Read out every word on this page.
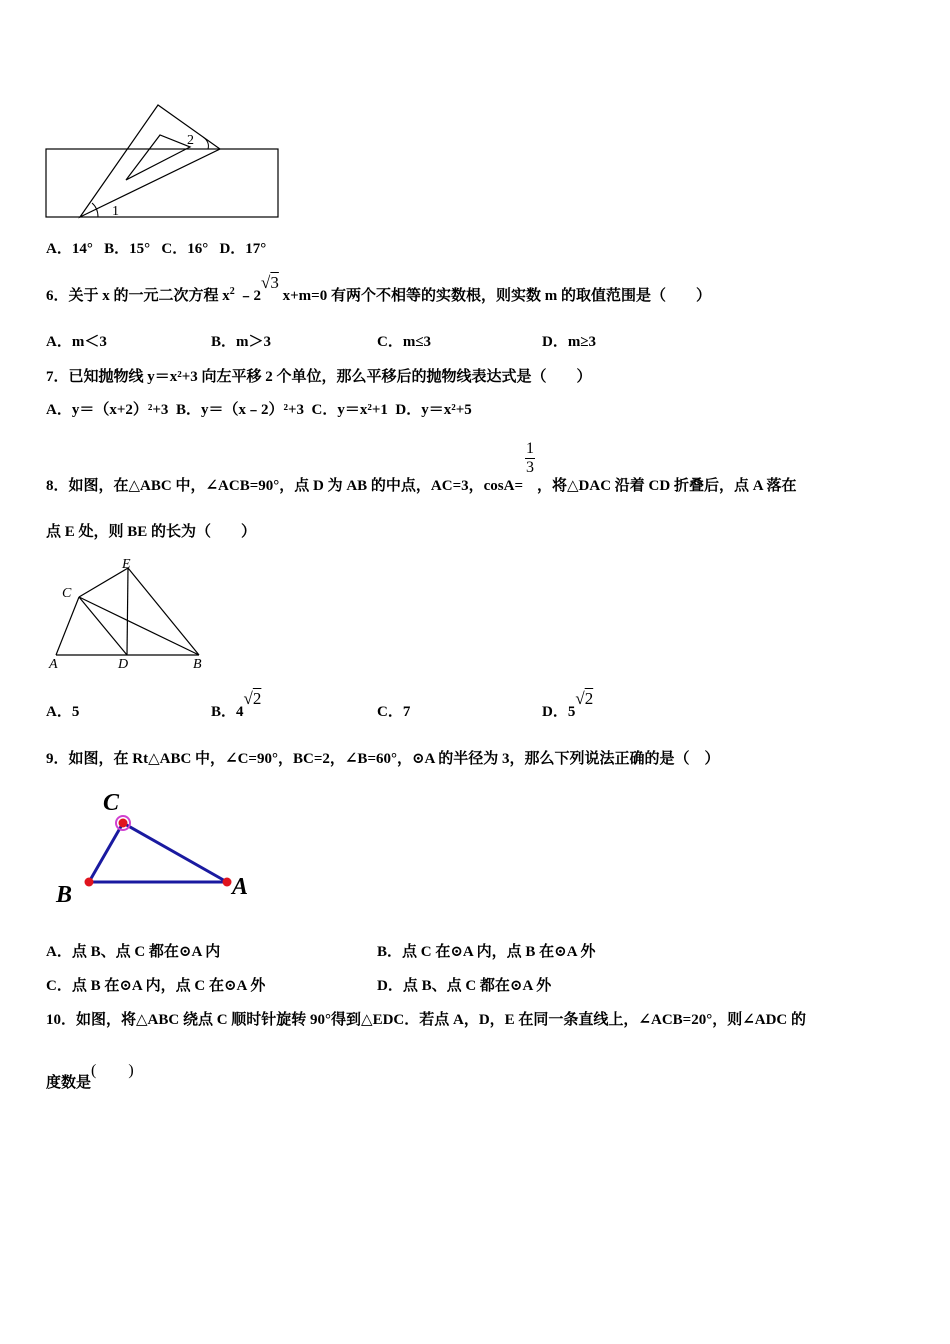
1
2
A．14° B．15° C．16° D．17°
6．关于 x 的一元二次方程 $x^2$ ﹣2√3 x+m=0 有两个不相等的实数根，则实数 m 的取值范围是（　　）
A．m＜3	B．m＞3	C．m≤3	D．m≥3
7．已知抛物线 y＝x²+3 向左平移 2 个单位，那么平移后的抛物线表达式是（　　）
A．y＝（x+2）²+3 B．y＝（x﹣2）²+3 C．y＝x²+1 D．y＝x²+5
8．如图，在△ABC 中，∠ACB=90°，点 D 为 AB 的中点，AC=3，cosA=
$\frac{1}{3}$
，将△DAC 沿着 CD 折叠后，点 A 落在
点 E 处，则 BE 的长为（　　）
C
E
A	D	B
A．5	B．4√2
C．7	D．5√2
9．如图，在 Rt△ABC 中，∠C=90°，BC=2，∠B=60°，⊙A 的半径为 3，那么下列说法正确的是（　）
C
B	A
A．点 B、点 C 都在⊙A 内	B．点 C 在⊙A 内，点 B 在⊙A 外
C．点 B 在⊙A 内，点 C 在⊙A 外	D．点 B、点 C 都在⊙A 外
10．如图，将△ABC 绕点 C 顺时针旋转 90°得到△EDC．若点 A，D，E 在同一条直线上，∠ACB=20°，则∠ADC 的
度数是(　　)
